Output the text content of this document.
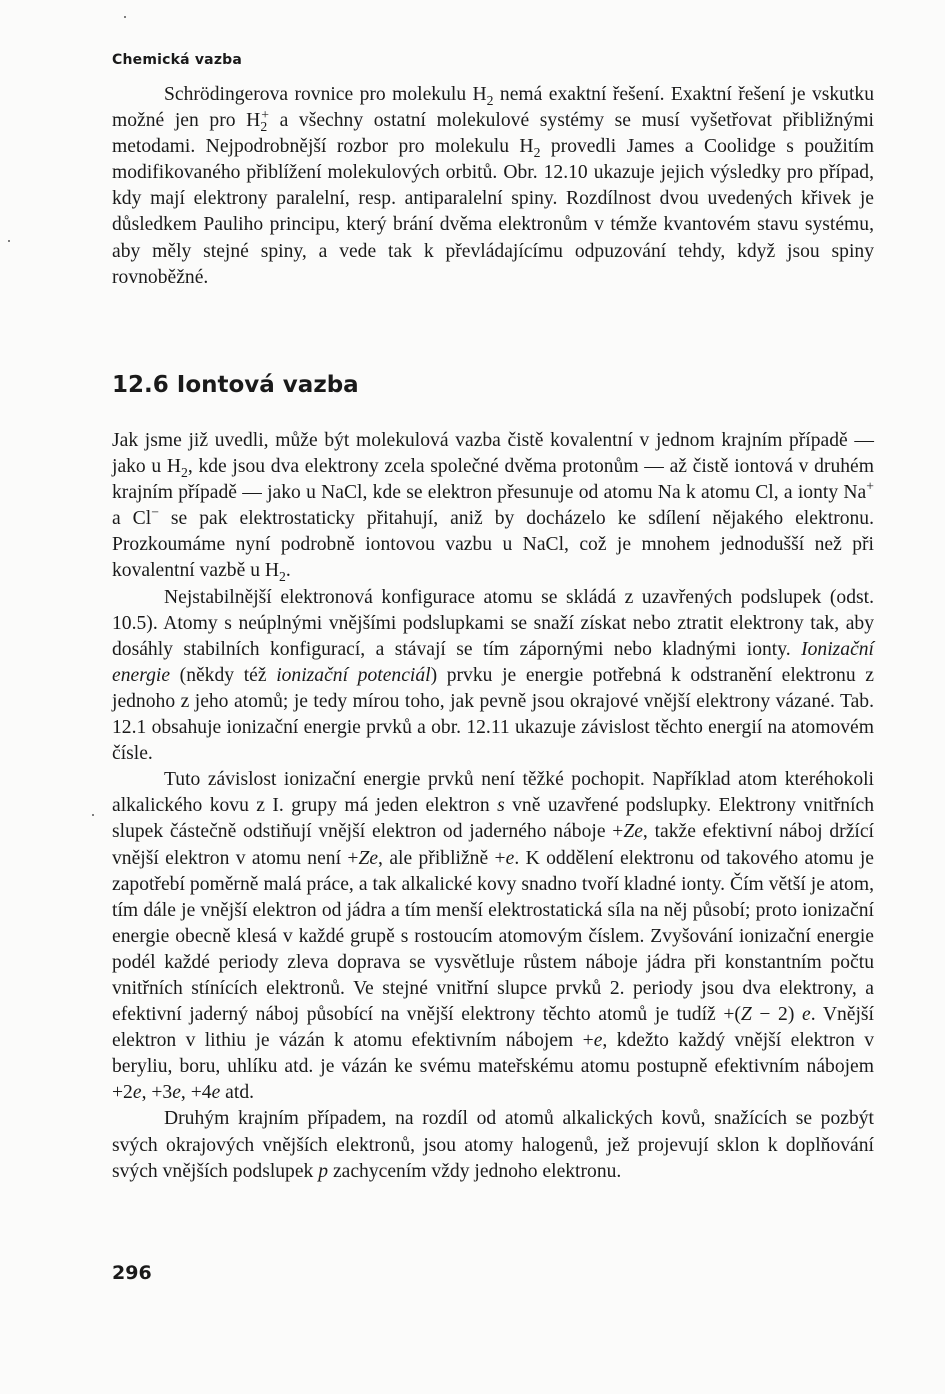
Chemická vazba

Schrödingerova rovnice pro molekulu $H_2$ nemá exaktní řešení. Exaktní řešení je vskutku možné jen pro $H_2^+$ a všechny ostatní molekulové systémy se musí vyšetřovat přibližnými metodami. Nejpodrobnější rozbor pro molekulu $H_2$ provedli James a Coolidge s použitím modifikovaného přiblížení molekulových orbitů. Obr. 12.10 ukazuje jejich výsledky pro případ, kdy mají elektrony paralelní, resp. antiparalelní spiny. Rozdílnost dvou uvedených křivek je důsledkem Pauliho principu, který brání dvěma elektronům v témže kvantovém stavu systému, aby měly stejné spiny, a vede tak k převládajícímu odpuzování tehdy, když jsou spiny rovnoběžné.

12.6 Iontová vazba

Jak jsme již uvedli, může být molekulová vazba čistě kovalentní v jednom krajním případě — jako u $H_2$, kde jsou dva elektrony zcela společné dvěma protonům — až čistě iontová v druhém krajním případě — jako u NaCl, kde se elektron přesunuje od atomu Na k atomu Cl, a ionty Na+ a Cl− se pak elektrostaticky přitahují, aniž by docházelo ke sdílení nějakého elektronu. Prozkoumáme nyní podrobně iontovou vazbu u NaCl, což je mnohem jednodušší než při kovalentní vazbě u $H_2$.

Nejstabilnější elektronová konfigurace atomu se skládá z uzavřených podslupek (odst. 10.5). Atomy s neúplnými vnějšími podslupkami se snaží získat nebo ztratit elektrony tak, aby dosáhly stabilních konfigurací, a stávají se tím zápornými nebo kladnými ionty. Ionizační energie (někdy též ionizační potenciál) prvku je energie potřebná k odstranění elektronu z jednoho z jeho atomů; je tedy mírou toho, jak pevně jsou okrajové vnější elektrony vázané. Tab. 12.1 obsahuje ionizační energie prvků a obr. 12.11 ukazuje závislost těchto energií na atomovém čísle.

Tuto závislost ionizační energie prvků není těžké pochopit. Například atom kteréhokoli alkalického kovu z I. grupy má jeden elektron s vně uzavřené podslupky. Elektrony vnitřních slupek částečně odstiňují vnější elektron od jaderného náboje +Ze, takže efektivní náboj držící vnější elektron v atomu není +Ze, ale přibližně +e. K oddělení elektronu od takového atomu je zapotřebí poměrně malá práce, a tak alkalické kovy snadno tvoří kladné ionty. Čím větší je atom, tím dále je vnější elektron od jádra a tím menší elektrostatická síla na něj působí; proto ionizační energie obecně klesá v každé grupě s rostoucím atomovým číslem. Zvyšování ionizační energie podél každé periody zleva doprava se vysvětluje růstem náboje jádra při konstantním počtu vnitřních stínících elektronů. Ve stejné vnitřní slupce prvků 2. periody jsou dva elektrony, a efektivní jaderný náboj působící na vnější elektrony těchto atomů je tudíž +(Z − 2) e. Vnější elektron v lithiu je vázán k atomu efektivním nábojem +e, kdežto každý vnější elektron v beryliu, boru, uhlíku atd. je vázán ke svému mateřskému atomu postupně efektivním nábojem +2e, +3e, +4e atd.

Druhým krajním případem, na rozdíl od atomů alkalických kovů, snažících se pozbýt svých okrajových vnějších elektronů, jsou atomy halogenů, jež projevují sklon k doplňování svých vnějších podslupek p zachycením vždy jednoho elektronu.

296
